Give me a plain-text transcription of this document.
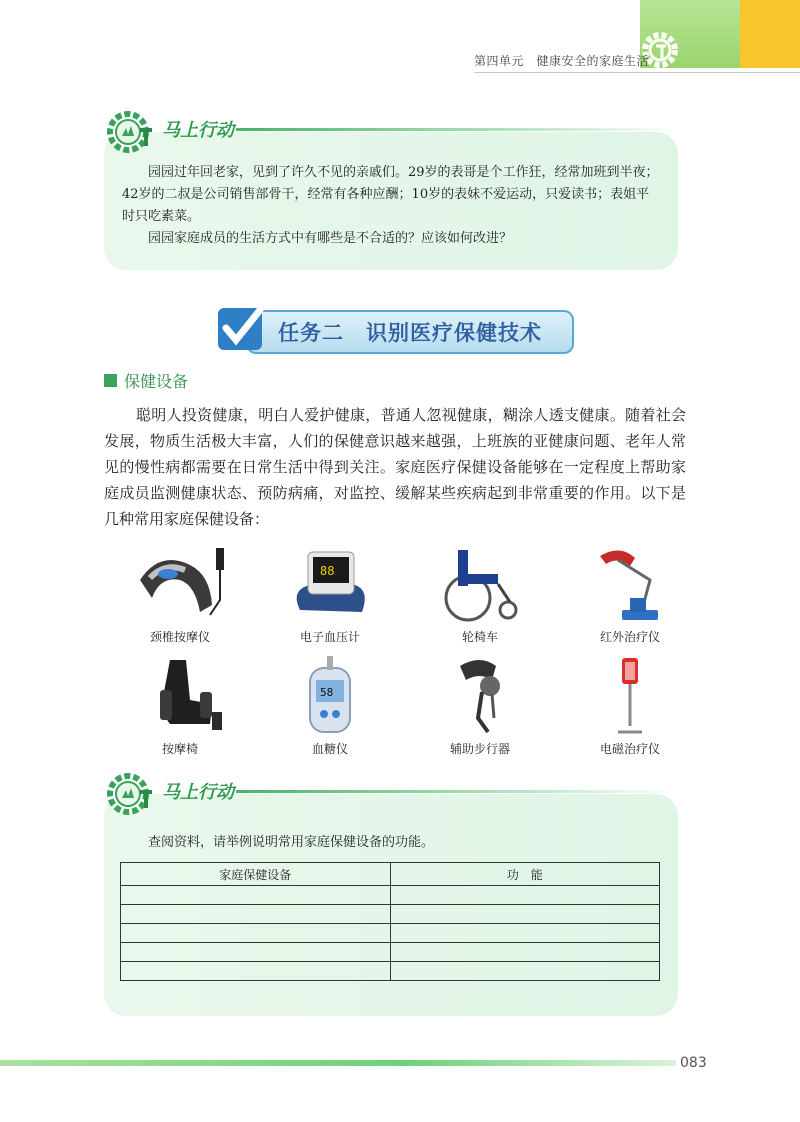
第四单元　健康安全的家庭生活
马上行动

园园过年回老家，见到了许久不见的亲戚们。29岁的表哥是个工作狂，经常加班到半夜；42岁的二叔是公司销售部骨干，经常有各种应酬；10岁的表妹不爱运动，只爱读书；表姐平时只吃素菜。

园园家庭成员的生活方式中有哪些是不合适的？应该如何改进？

任务二　识别医疗保健技术
保健设备

聪明人投资健康，明白人爱护健康，普通人忽视健康，糊涂人透支健康。随着社会发展，物质生活极大丰富，人们的保健意识越来越强，上班族的亚健康问题、老年人常见的慢性病都需要在日常生活中得到关注。家庭医疗保健设备能够在一定程度上帮助家庭成员监测健康状态、预防病痛，对监控、缓解某些疾病起到非常重要的作用。以下是几种常用家庭保健设备：

颈椎按摩仪
88
电子血压计	轮椅车	红外治疗仪
按摩椅
58
血糖仪	辅助步行器	电磁治疗仪
马上行动

查阅资料，请举例说明常用家庭保健设备的功能。

家庭保健设备	功　能

083
